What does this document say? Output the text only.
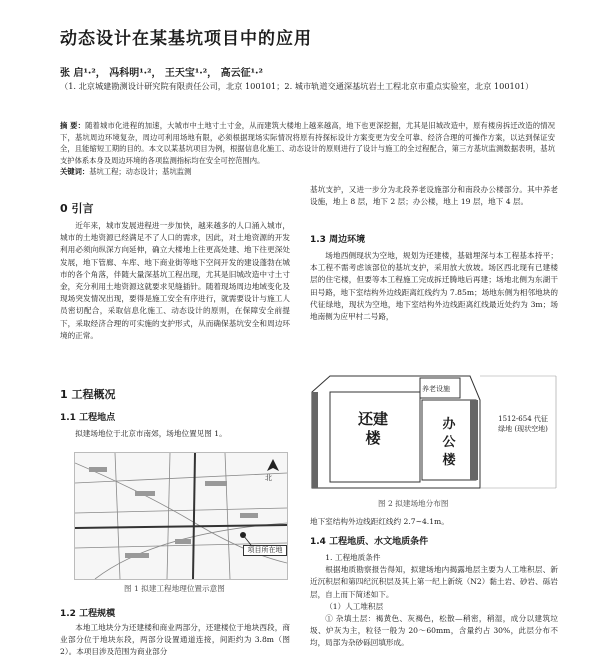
动态设计在某基坑项目中的应用
张 启¹·²， 冯科明¹·²， 王天宝¹·²， 高云征¹·²
（1. 北京城建勘测设计研究院有限责任公司，北京 100101；2. 城市轨道交通深基坑岩土工程北京市重点实验室，北京 100101）
摘 要：随着城市化进程的加速，大城市中土地寸土寸金，从而建筑大楼地上越来越高，地下也更深挖掘，尤其是旧城改造中，原有楼房拆迁改造的情况下，基坑周边环境复杂，周边可利用场地有限，必须根据现场实际情况将原有持探标设计方案变更为安全可靠、经济合理的可操作方案，以达到保证安全，且能缩短工期的目的。本文以某基坑项目为例，根据信息化施工、动态设计的原则进行了设计与施工的全过程配合，第三方基坑监测数据表明，基坑支护体系本身及周边环境的各项监测指标均在安全可控范围内。
关键词：基坑工程；动态设计；基坑监测
0 引言

近年来，城市发展进程进一步加快，越来越多的人口涌入城市，城市的土地资源已经满足不了人口的需求，因此，对土地资源的开发利用必须向纵深方向延伸，确立大楼地上往更高处建、地下往更深处发展，地下管廊、车库、地下商业街等地下空间开发的建设蓬勃在城市的各个角落，伴随大量深基坑工程出现，尤其是旧城改造中寸土寸金，充分利用土地资源这就要求见缝插针。随着现场周边地域变化及现场突发情况出现，要得是施工安全有序进行，就需要设计与施工人员密切配合，采取信息化施工、动态设计的原则，在保障安全前提下，采取经济合理的可实施的支护形式，从而确保基坑安全和周边环境的正常。

1 工程概况
1.1 工程地点

拟建场地位于北京市南郊，场地位置见图 1。

项目所在地
北
图 1 拟建工程地理位置示意图
1.2 工程规模

本地工地块分为还建楼和商业两部分，还建楼位于地块西段，商业部分位于地块东段，两部分设置通道连接，间距约为 3.8m（图 2）。本项目涉及范围为商业部分

基坑支护，又进一步分为北段养老设施部分和南段办公楼部分。其中养老设施，地上 8 层，地下 2 层；办公楼，地上 19 层，地下 4 层。

1.3 周边环境

场地西侧现状为空地，规划为还建楼，基础埋深与本工程基本持平；本工程不需考虑该部位的基坑支护，采用放大放坡。场区西北现有已建楼层的住宅楼，但要等本工程施工完成拆迁腾地后再建；场地北侧为东湖干田号路，地下室结构外边线距离红线约为 7.85m；场地东侧为相邻地块的代征绿地，现状为空地，地下室结构外边线距离红线最近处约为 3m；场地南侧为应甲村二号路，

还建楼
养老设施
办公楼
1512-654 代征绿地 (现状空地)
图 2 拟建场地分布图

地下室结构外边线距红线约 2.7~4.1m。

1.4 工程地质、水文地质条件

1. 工程地质条件

根据地质勘察报告得知，拟建场地内揭露地层主要为人工堆积层、新近沉积层和第四纪沉积层及其上第一纪上新统（N2）黏土岩、砂岩、砾岩层，自上而下简述如下。

（1）人工堆积层

① 杂填土层：褐黄色、灰褐色，松散—稍密，稍湿，成分以建筑垃圾、炉灰为主，粒径一般为 20～60mm，含量约占 30%，此层分布不均，局部为杂砂砾回填形成。
